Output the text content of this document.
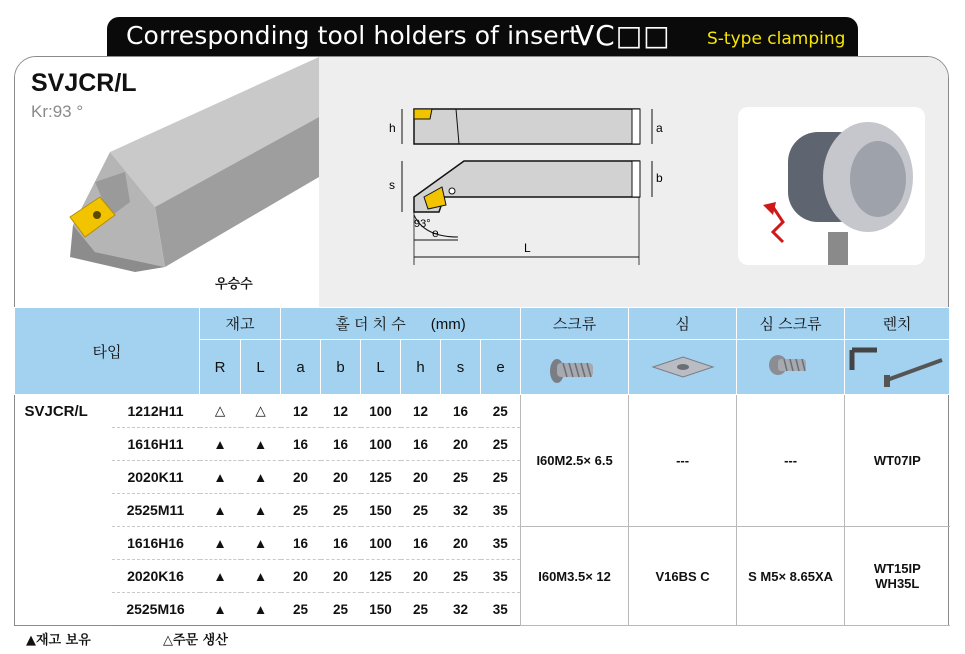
Corresponding tool holders of insert
VC□□ S-type clamping
SVJCR/L
Kr:93 °
우승수
h	a
s	b
93°
e
L
타입		재고		홀 더 치 수 (mm)						스크류	심	심 스크류	렌치
		R	L	a	b	L	h	s	e	

SVJCR/L	1212H11	△	△	12	12	100	12	16	25	I60M2.5× 6.5	---	---	WT07IP
	1616H11	▲	▲	16	16	100	16	20	25				
	2020K11	▲	▲	20	20	125	20	25	25				
	2525M11	▲	▲	25	25	150	25	32	35				
	1616H16	▲	▲	16	16	100	16	20	35	I60M3.5× 12	V16BS C	S M5× 8.65XA	WT15IP
WH35L

	2020K16	▲	▲	20	20	125	20	25	35				
	2525M16	▲	▲	25	25	150	25	32	35				
▲재고 보유	△주문 생산
